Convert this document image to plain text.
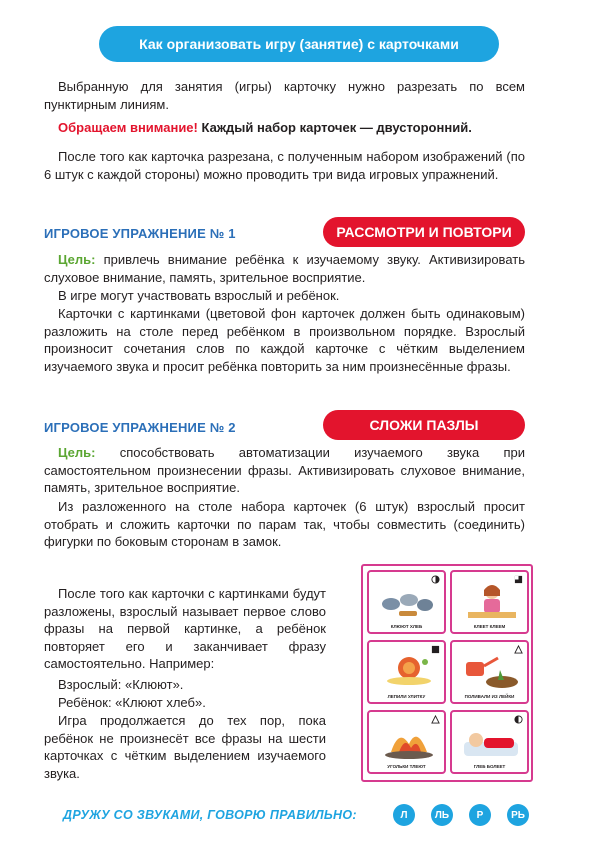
Как организовать игру (занятие) с карточками

Выбранную для занятия (игры) карточку нужно разрезать по всем пунктирным линиям.

Обращаем внимание! Каждый набор карточек — двусторонний.

После того как карточка разрезана, с полученным набором изображений (по 6 штук с каждой стороны) можно проводить три вида игровых упражнений.

ИГРОВОЕ УПРАЖНЕНИЕ № 1	РАССМОТРИ И ПОВТОРИ

Цель: привлечь внимание ребёнка к изучаемому звуку. Активизировать слуховое внимание, память, зрительное восприятие.

В игре могут участвовать взрослый и ребёнок.

Карточки с картинками (цветовой фон карточек должен быть одинаковым) разложить на столе перед ребёнком в произвольном порядке. Взрослый произносит сочетания слов по каждой карточке с чётким выделением изучаемого звука и просит ребёнка повторить за ним произнесённые фразы.

ИГРОВОЕ УПРАЖНЕНИЕ № 2	СЛОЖИ ПАЗЛЫ

Цель: способствовать автоматизации изучаемого звука при самостоятельном произнесении фразы. Активизировать слуховое внимание, память, зрительное восприятие.

Из разложенного на столе набора карточек (6 штук) взрослый просит отобрать и сложить карточки по парам так, чтобы совместить (соединить) фигурки по боковым сторонам в замок.

После того как карточки с картинками будут разложены, взрослый называет первое слово фразы на первой картинке, а ребёнок повторяет его и заканчивает фразу самостоятельно. Например:

Взрослый: «Клюют».

Ребёнок: «Клюют хлеб».

Игра продолжается до тех пор, пока ребёнок не произнесёт все фразы на шести карточках с чётким выделением изучаемого звука.

КЛЮЮТ ХЛЕБ	КЛЕЕТ КЛЕЕМ
ЛЕПИЛИ УЛИТКУ	ПОЛИВАЛИ ИЗ ЛЕЙКИ
УГОЛЬКИ ТЛЕЮТ	ГЛЕБ БОЛЕЕТ
ДРУЖУ СО ЗВУКАМИ, ГОВОРЮ ПРАВИЛЬНО:	Л	ЛЬ	Р	РЬ
